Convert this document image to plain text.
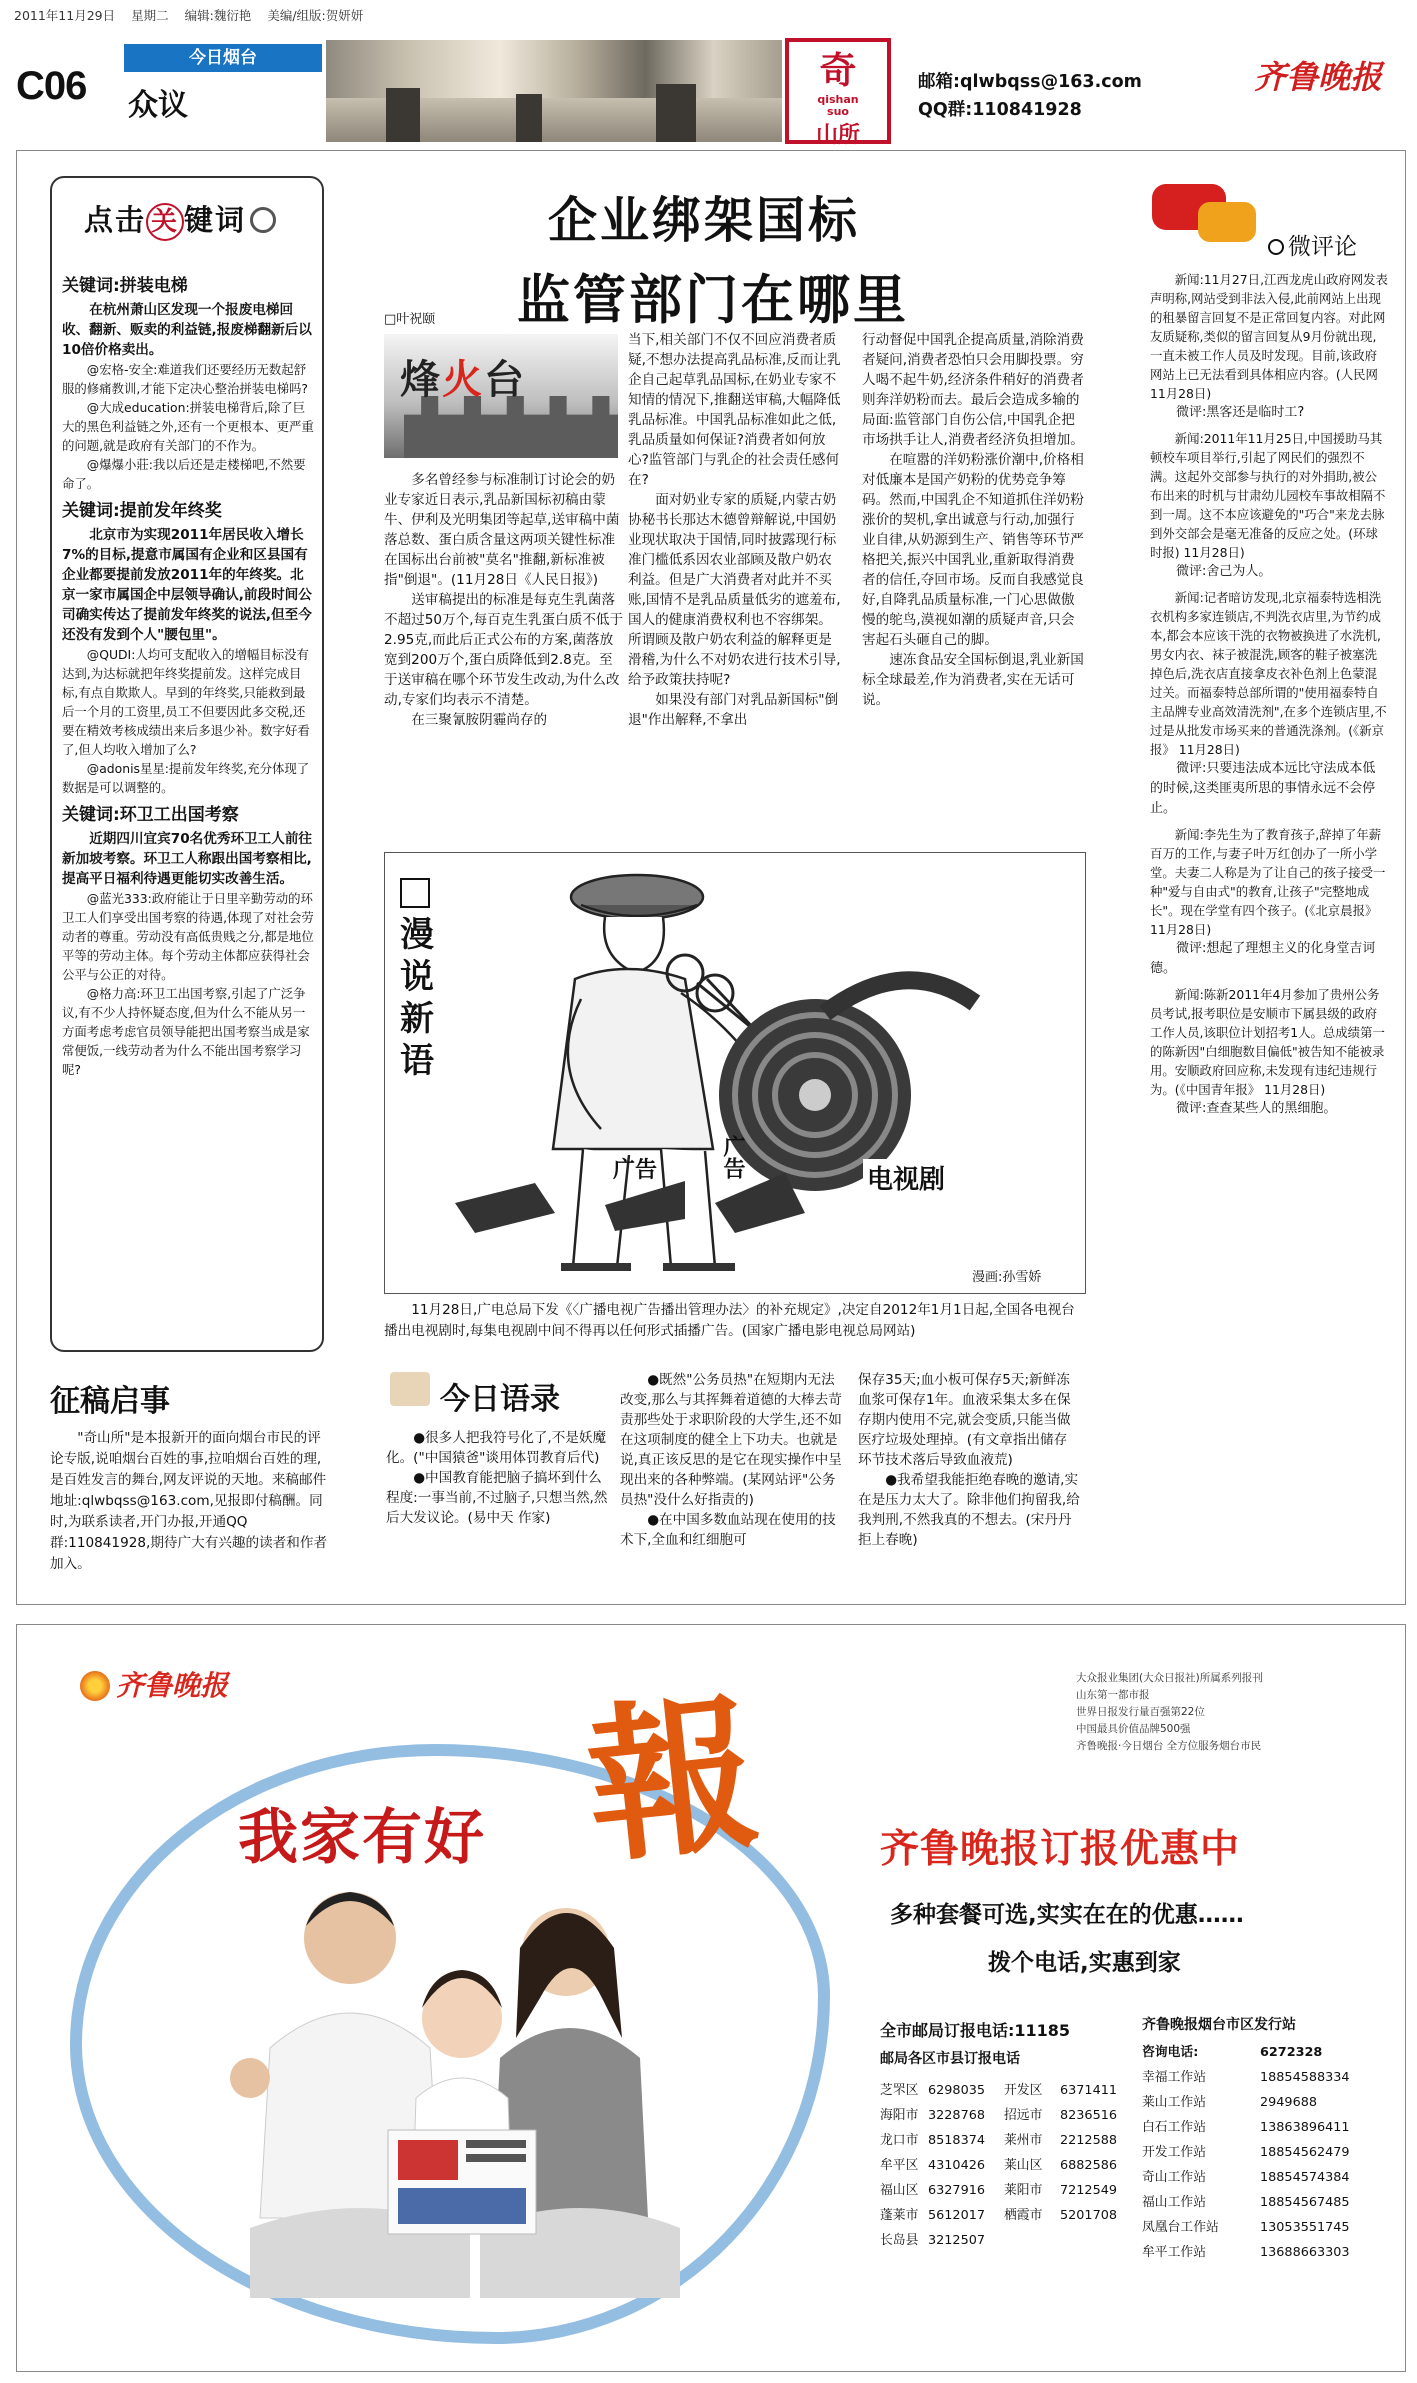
2011年11月29日 星期二 编辑:魏衍艳 美编/组版:贺妍妍
C06
今日烟台
众议
奇
qishan
suo
山所
邮箱:qlwbqss@163.com
QQ群:110841928
齐鲁晚报
点击 关 键词

关键词:拼装电梯

在杭州萧山区发现一个报废电梯回收、翻新、贩卖的利益链,报废梯翻新后以10倍价格卖出。

@宏格-安全:难道我们还要经历无数起舒服的修痛教训,才能下定决心整治拼装电梯吗?

@大成education:拼装电梯背后,除了巨大的黑色利益链之外,还有一个更根本、更严重的问题,就是政府有关部门的不作为。

@爆爆小莊:我以后还是走楼梯吧,不然要命了。

关键词:提前发年终奖

北京市为实现2011年居民收入增长7%的目标,提意市属国有企业和区县国有企业都要提前发放2011年的年终奖。北京一家市属国企中层领导确认,前段时间公司确实传达了提前发年终奖的说法,但至今还没有发到个人"腰包里"。

@QUDI:人均可支配收入的增幅目标没有达到,为达标就把年终奖提前发。这样完成目标,有点自欺欺人。早到的年终奖,只能救到最后一个月的工资里,员工不但要因此多交税,还要在精效考核成绩出来后多退少补。数字好看了,但人均收入增加了么?

@adonis星星:提前发年终奖,充分体现了数据是可以调整的。

关键词:环卫工出国考察

近期四川宜宾70名优秀环卫工人前往新加坡考察。环卫工人称跟出国考察相比,提高平日福利待遇更能切实改善生活。

@蓝光333:政府能让于日里辛勤劳动的环卫工人们享受出国考察的待遇,体现了对社会劳动者的尊重。劳动没有高低贵贱之分,都是地位平等的劳动主体。每个劳动主体都应获得社会公平与公正的对待。

@格力高:环卫工出国考察,引起了广泛争议,有不少人持怀疑态度,但为什么不能从另一方面考虑考虑官员领导能把出国考察当成是家常便饭,一线劳动者为什么不能出国考察学习呢?

征稿启事

"奇山所"是本报新开的面向烟台市民的评论专版,说咱烟台百姓的事,拉咱烟台百姓的理,是百姓发言的舞台,网友评说的天地。来稿邮件地址:qlwbqss@163.com,见报即付稿酬。同时,为联系读者,开门办报,开通QQ群:110841928,期待广大有兴趣的读者和作者加入。

企业绑架国标
监管部门在哪里
□叶祝颐
烽火台

多名曾经参与标准制订讨论会的奶业专家近日表示,乳品新国标初稿由蒙牛、伊利及光明集团等起草,送审稿中菌落总数、蛋白质含量这两项关键性标准在国标出台前被"莫名"推翻,新标准被指"倒退"。(11月28日《人民日报》)

送审稿提出的标准是每克生乳菌落不超过50万个,每百克生乳蛋白质不低于2.95克,而此后正式公布的方案,菌落放宽到200万个,蛋白质降低到2.8克。至于送审稿在哪个环节发生改动,为什么改动,专家们均表示不清楚。

在三聚氰胺阴霾尚存的

当下,相关部门不仅不回应消费者质疑,不想办法提高乳品标准,反而让乳企自己起草乳品国标,在奶业专家不知情的情况下,推翻送审稿,大幅降低乳品标准。中国乳品标准如此之低,乳品质量如何保证?消费者如何放心?监管部门与乳企的社会责任感何在?

面对奶业专家的质疑,内蒙古奶协秘书长那达木德曾辩解说,中国奶业现状取决于国情,同时披露现行标准门槛低系因农业部顾及散户奶农利益。但是广大消费者对此并不买账,国情不是乳品质量低劣的遮羞布,国人的健康消费权利也不容绑架。所谓顾及散户奶农利益的解释更是滑稽,为什么不对奶农进行技术引导,给予政策扶持呢?

如果没有部门对乳品新国标"倒退"作出解释,不拿出

行动督促中国乳企提高质量,消除消费者疑问,消费者恐怕只会用脚投票。穷人喝不起牛奶,经济条件稍好的消费者则奔洋奶粉而去。最后会造成多输的局面:监管部门自伤公信,中国乳企把市场拱手让人,消费者经济负担增加。

在喧嚣的洋奶粉涨价潮中,价格相对低廉本是国产奶粉的优势竞争筹码。然而,中国乳企不知道抓住洋奶粉涨价的契机,拿出诚意与行动,加强行业自律,从奶源到生产、销售等环节严格把关,振兴中国乳业,重新取得消费者的信任,夺回市场。反而自我感觉良好,自降乳品质量标准,一门心思做傲慢的鸵鸟,漠视如潮的质疑声音,只会害起石头砸自己的脚。

速冻食品安全国标倒退,乳业新国标全球最差,作为消费者,实在无话可说。

电视剧
广告	广告
漫说新语
漫画:孙雪娇
11月28日,广电总局下发《〈广播电视广告播出管理办法〉的补充规定》,决定自2012年1月1日起,全国各电视台播出电视剧时,每集电视剧中间不得再以任何形式插播广告。(国家广播电影电视总局网站)
今日语录

●很多人把我符号化了,不是妖魔化。("中国猿爸"谈用体罚教育后代)

●中国教育能把脑子搞坏到什么程度:一事当前,不过脑子,只想当然,然后大发议论。(易中天 作家)

●既然"公务员热"在短期内无法改变,那么与其挥舞着道德的大棒去苛责那些处于求职阶段的大学生,还不如在这项制度的健全上下功夫。也就是说,真正该反思的是它在现实操作中呈现出来的各种弊端。(某网站评"公务员热"没什么好指责的)

●在中国多数血站现在使用的技术下,全血和红细胞可

保存35天;血小板可保存5天;新鲜冻血浆可保存1年。血液采集太多在保存期内使用不完,就会变质,只能当做医疗垃圾处理掉。(有文章指出储存环节技术落后导致血液荒)

●我希望我能拒绝春晚的邀请,实在是压力太大了。除非他们拘留我,给我判刑,不然我真的不想去。(宋丹丹拒上春晚)

微评论

新闻:11月27日,江西龙虎山政府网发表声明称,网站受到非法入侵,此前网站上出现的租暴留言回复不是正常回复内容。对此网友质疑称,类似的留言回复从9月份就出现,一直未被工作人员及时发现。目前,该政府网站上已无法看到具体相应内容。(人民网 11月28日)

微评:黑客还是临时工?

新闻:2011年11月25日,中国援助马其顿校车项目举行,引起了网民们的强烈不满。这起外交部参与执行的对外捐助,被公布出来的时机与甘肃幼儿园校车事故相隔不到一周。这不本应该避免的"巧合"来龙去脉到外交部会是毫无准备的反应之处。(环球时报) 11月28日)

微评:舍己为人。

新闻:记者暗访发现,北京福泰特选相洗衣机构多家连锁店,不判洗衣店里,为节约成本,都会本应该干洗的衣物被换进了水洗机,男女内衣、袜子被混洗,顾客的鞋子被塞洗掉色后,洗衣店直接拿皮衣补色剂上色蒙混过关。而福泰特总部所谓的"使用福泰特自主品牌专业高效清洗剂",在多个连锁店里,不过是从批发市场买来的普通洗涤剂。(《新京报》 11月28日)

微评:只要违法成本远比守法成本低的时候,这类匪夷所思的事情永远不会停止。

新闻:李先生为了教育孩子,辞掉了年薪百万的工作,与妻子叶万红创办了一所小学堂。夫妻二人称是为了让自己的孩子接受一种"爱与自由式"的教育,让孩子"完整地成长"。现在学堂有四个孩子。(《北京晨报》 11月28日)

微评:想起了理想主义的化身堂吉诃德。

新闻:陈新2011年4月参加了贵州公务员考试,报考职位是安顺市下属县级的政府工作人员,该职位计划招考1人。总成绩第一的陈新因"白细胞数目偏低"被告知不能被录用。安顺政府回应称,未发现有违纪违规行为。(《中国青年报》 11月28日)

微评:查查某些人的黑细胞。

齐鲁晚报	大众报业集团(大众日报社)所属系列报刊
山东第一都市报
世界日报发行量百强第22位
中国最具价值品牌500强
齐鲁晚报·今日烟台 全方位服务烟台市民
報
我家有好	齐鲁晚报订报优惠中
多种套餐可选,实实在在的优惠……
拨个电话,实惠到家
全市邮局订报电话:11185
邮局各区市县订报电话
芝罘区 6298035	开发区	6371411
海阳市 3228768	招远市	8236516
龙口市 8518374	莱州市	2212588
牟平区 4310426	莱山区	6882586
福山区 6327916	莱阳市	7212549
蓬莱市 5612017	栖霞市	5201708
长岛县 3212507
齐鲁晚报烟台市区发行站
咨询电话:	6272328
幸福工作站	18854588334
莱山工作站	2949688
白石工作站	13863896411
开发工作站	18854562479
奇山工作站	18854574384
福山工作站	18854567485
凤凰台工作站	13053551745
牟平工作站	13688663303
